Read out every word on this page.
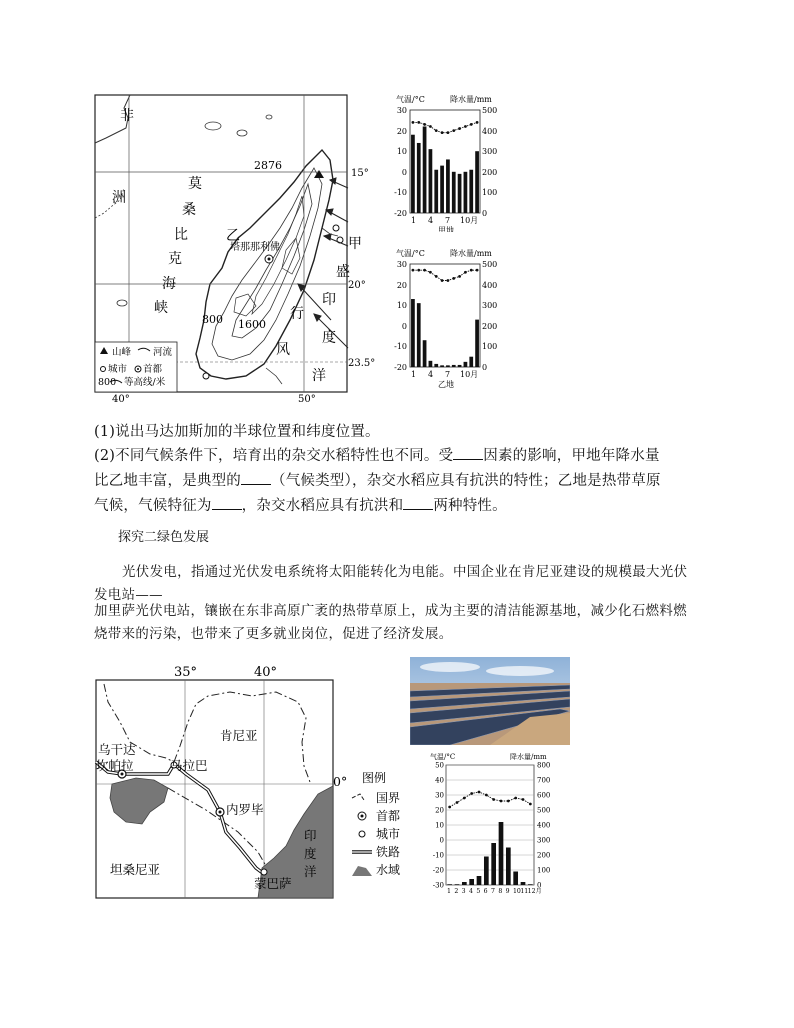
山峰 河流
城市 首都
800 等高线/米
非
洲
莫
桑
比
克
海
峡
乙	甲
盛
行
风
印
度
洋
2876
塔那那利佛
800 1600
15°
20°
23.5°
40°	50°
气温/°C	降水量/mm
30
20
10
0
-10
-20
500
400
300
200
100
0
1 4 7 10月
甲地
气温/°C	降水量/mm
30
20
10
0
-10
-20
500
400
300
200
100
0
1 4 7 10月
乙地
(1)说出马达加斯加的半球位置和纬度位置。
(2)不同气候条件下，培育出的杂交水稻特性也不同。受 因素的影响，甲地年降水量
比乙地丰富，是典型的 （气候类型），杂交水稻应具有抗洪的特性；乙地是热带草原
气候，气候特征为 ，杂交水稻应具有抗洪和 两种特性。
探究二绿色发展
光伏发电，指通过光伏发电系统将太阳能转化为电能。中国企业在肯尼亚建设的规模最大光伏发电站——
加里萨光伏电站，镶嵌在东非高原广袤的热带草原上，成为主要的清洁能源基地，减少化石燃料燃烧带来的污染，也带来了更多就业岗位，促进了经济发展。
35°	40°
肯尼亚
乌干达
坎帕拉	马拉巴
内罗毕
坦桑尼亚
蒙巴萨
印
度
洋
0° 图例
国界
首都
城市
铁路
水域
气温/°C	降水量/mm
50
40
30
20
10
0
-10
-20
-30
800
700
600
500
400
300
200
100
0
1 2 3 4 5 6 7 8 9 10 11 12月
